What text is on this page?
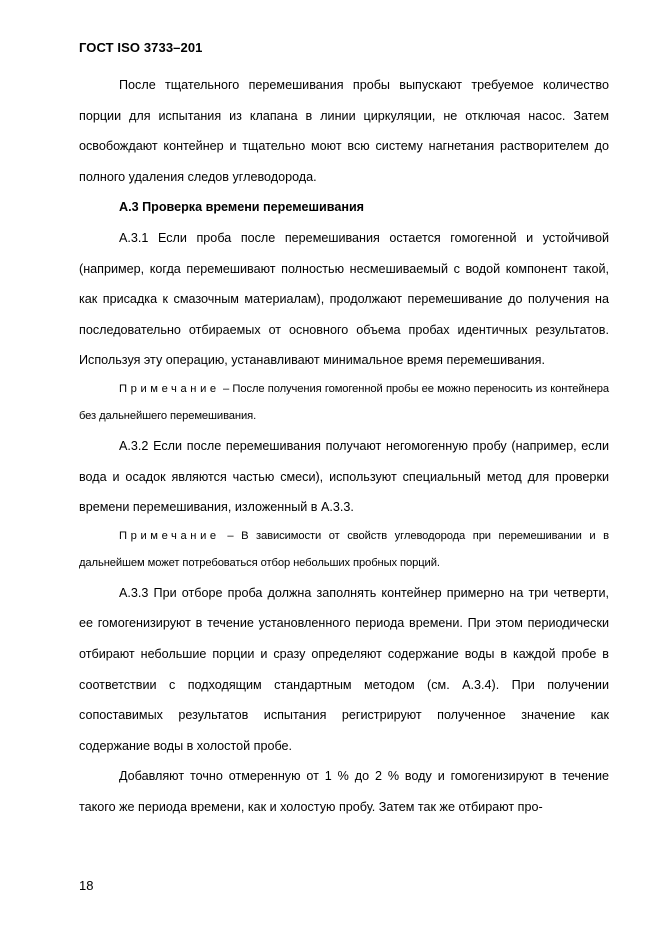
ГОСТ ISO 3733–201

После тщательного перемешивания пробы выпускают требуемое количество порции для испытания из клапана в линии циркуляции, не отключая насос. Затем освобождают контейнер и тщательно моют всю систему нагнетания растворителем до полного удаления следов углеводорода.

А.3 Проверка времени перемешивания

А.3.1 Если проба после перемешивания остается гомогенной и устойчивой (например, когда перемешивают полностью несмешиваемый с водой компонент такой, как присадка к смазочным материалам), продолжают перемешивание до получения на последовательно отбираемых от основного объема пробах идентичных результатов. Используя эту операцию, устанавливают минимальное время перемешивания.

Примечание – После получения гомогенной пробы ее можно переносить из контейнера без дальнейшего перемешивания.

А.3.2 Если после перемешивания получают негомогенную пробу (например, если вода и осадок являются частью смеси), используют специальный метод для проверки времени перемешивания, изложенный в А.3.3.

Примечание – В зависимости от свойств углеводорода при перемешивании и в дальнейшем может потребоваться отбор небольших пробных порций.

А.3.3 При отборе проба должна заполнять контейнер примерно на три четверти, ее гомогенизируют в течение установленного периода времени. При этом периодически отбирают небольшие порции и сразу определяют содержание воды в каждой пробе в соответствии с подходящим стандартным методом (см. А.3.4). При получении сопоставимых результатов испытания регистрируют полученное значение как содержание воды в холостой пробе.

Добавляют точно отмеренную от 1 % до 2 % воду и гомогенизируют в течение такого же периода времени, как и холостую пробу. Затем так же отбирают про-

18
